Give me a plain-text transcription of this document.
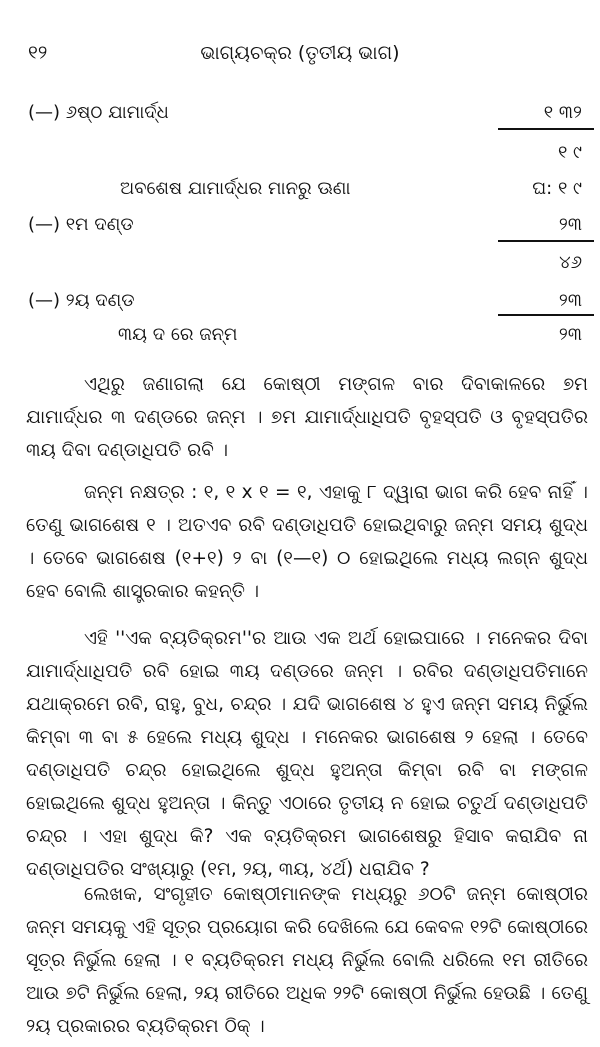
୧୨	ଭାଗ୍ୟଚକ୍ର (ତୃତୀୟ ଭାଗ)
(—) ୬ଷ୍ଠ ଯାମାର୍ଦ୍ଧ	୧ ୩୨
୧ ୯
ଅବଶେଷ ଯାମାର୍ଦ୍ଧର ମାନରୁ ଊଣା	ଘ: ୧ ୯
(—) ୧ମ ଦଣ୍ଡ	୨୩
୪୬
(—) ୨ୟ ଦଣ୍ଡ	୨୩
୩ୟ ଦ ରେ ଜନ୍ମ	୨୩

ଏଥିରୁ ଜଣାଗଲା ଯେ କୋଷ୍ଠୀ ମଙ୍ଗଳ ବାର ଦିବାକାଳରେ ୭ମ ଯାମାର୍ଦ୍ଧର ୩ ଦଣ୍ଡରେ ଜନ୍ମ । ୭ମ ଯାମାର୍ଦ୍ଧାଧିପତି ବୃହସ୍ପତି ଓ ବୃହସ୍ପତିର ୩ୟ ଦିବା ଦଣ୍ଡାଧିପତି ରବି ।

ଜନ୍ମ ନକ୍ଷତ୍ର : ୧, ୧ x ୧ = ୧, ଏହାକୁ ୮ ଦ୍ୱାରା ଭାଗ କରି ହେବ ନାହିଁ । ତେଣୁ ଭାଗଶେଷ ୧ । ଅତଏବ ରବି ଦଣ୍ଡାଧିପତି ହୋଇଥିବାରୁ ଜନ୍ମ ସମୟ ଶୁଦ୍ଧ । ତେବେ ଭାଗଶେଷ (୧+୧) ୨ ବା (୧—୧) ୦ ହୋଇଥିଲେ ମଧ୍ୟ ଲଗ୍ନ ଶୁଦ୍ଧ ହେବ ବୋଲି ଶାସ୍ତ୍ରକାର କହନ୍ତି ।

ଏହି ''ଏକ ବ୍ୟତିକ୍ରମ''ର ଆଉ ଏକ ଅର୍ଥ ହୋଇପାରେ । ମନେକର ଦିବା ଯାମାର୍ଦ୍ଧାଧିପତି ରବି ହୋଇ ୩ୟ ଦଣ୍ଡରେ ଜନ୍ମ । ରବିର ଦଣ୍ଡାଧିପତିମାନେ ଯଥାକ୍ରମେ ରବି, ରାହୁ, ବୁଧ, ଚନ୍ଦ୍ର । ଯଦି ଭାଗଶେଷ ୪ ହୁଏ ଜନ୍ମ ସମୟ ନିର୍ଭୁଲ କିମ୍ବା ୩ ବା ୫ ହେଲେ ମଧ୍ୟ ଶୁଦ୍ଧ । ମନେକର ଭାଗଶେଷ ୨ ହେଲା । ତେବେ ଦଣ୍ଡାଧିପତି ଚନ୍ଦ୍ର ହୋଇଥିଲେ ଶୁଦ୍ଧ ହୁଅନ୍ତା କିମ୍ବା ରବି ବା ମଙ୍ଗଳ ହୋଇଥିଲେ ଶୁଦ୍ଧ ହୁଅନ୍ତା । କିନ୍ତୁ ଏଠାରେ ତୃତୀୟ ନ ହୋଇ ଚତୁର୍ଥ ଦଣ୍ଡାଧିପତି ଚନ୍ଦ୍ର । ଏହା ଶୁଦ୍ଧ କି? ଏକ ବ୍ୟତିକ୍ରମ ଭାଗଶେଷରୁ ହିସାବ କରାଯିବ ନା ଦଣ୍ଡାଧିପତିର ସଂଖ୍ୟାରୁ (୧ମ, ୨ୟ, ୩ୟ, ୪ର୍ଥ) ଧରାଯିବ ?

ଲେଖକ, ସଂଗୃହୀତ କୋଷ୍ଠୀମାନଙ୍କ ମଧ୍ୟରୁ ୬୦ଟି ଜନ୍ମ କୋଷ୍ଠୀର ଜନ୍ମ ସମୟକୁ ଏହି ସୂତ୍ର ପ୍ରୟୋଗ କରି ଦେଖିଲେ ଯେ କେବଳ ୧୨ଟି କୋଷ୍ଠୀରେ ସୂତ୍ର ନିର୍ଭୁଲ ହେଲା । ୧ ବ୍ୟତିକ୍ରମ ମଧ୍ୟ ନିର୍ଭୁଲ ବୋଲି ଧରିଲେ ୧ମ ରୀତିରେ ଆଉ ୭ଟି ନିର୍ଭୁଲ ହେଲା, ୨ୟ ରୀତିରେ ଅଧିକ ୨୨ଟି କୋଷ୍ଠୀ ନିର୍ଭୁଲ ହେଉଛି । ତେଣୁ ୨ୟ ପ୍ରକାରର ବ୍ୟତିକ୍ରମ ଠିକ୍ ।
